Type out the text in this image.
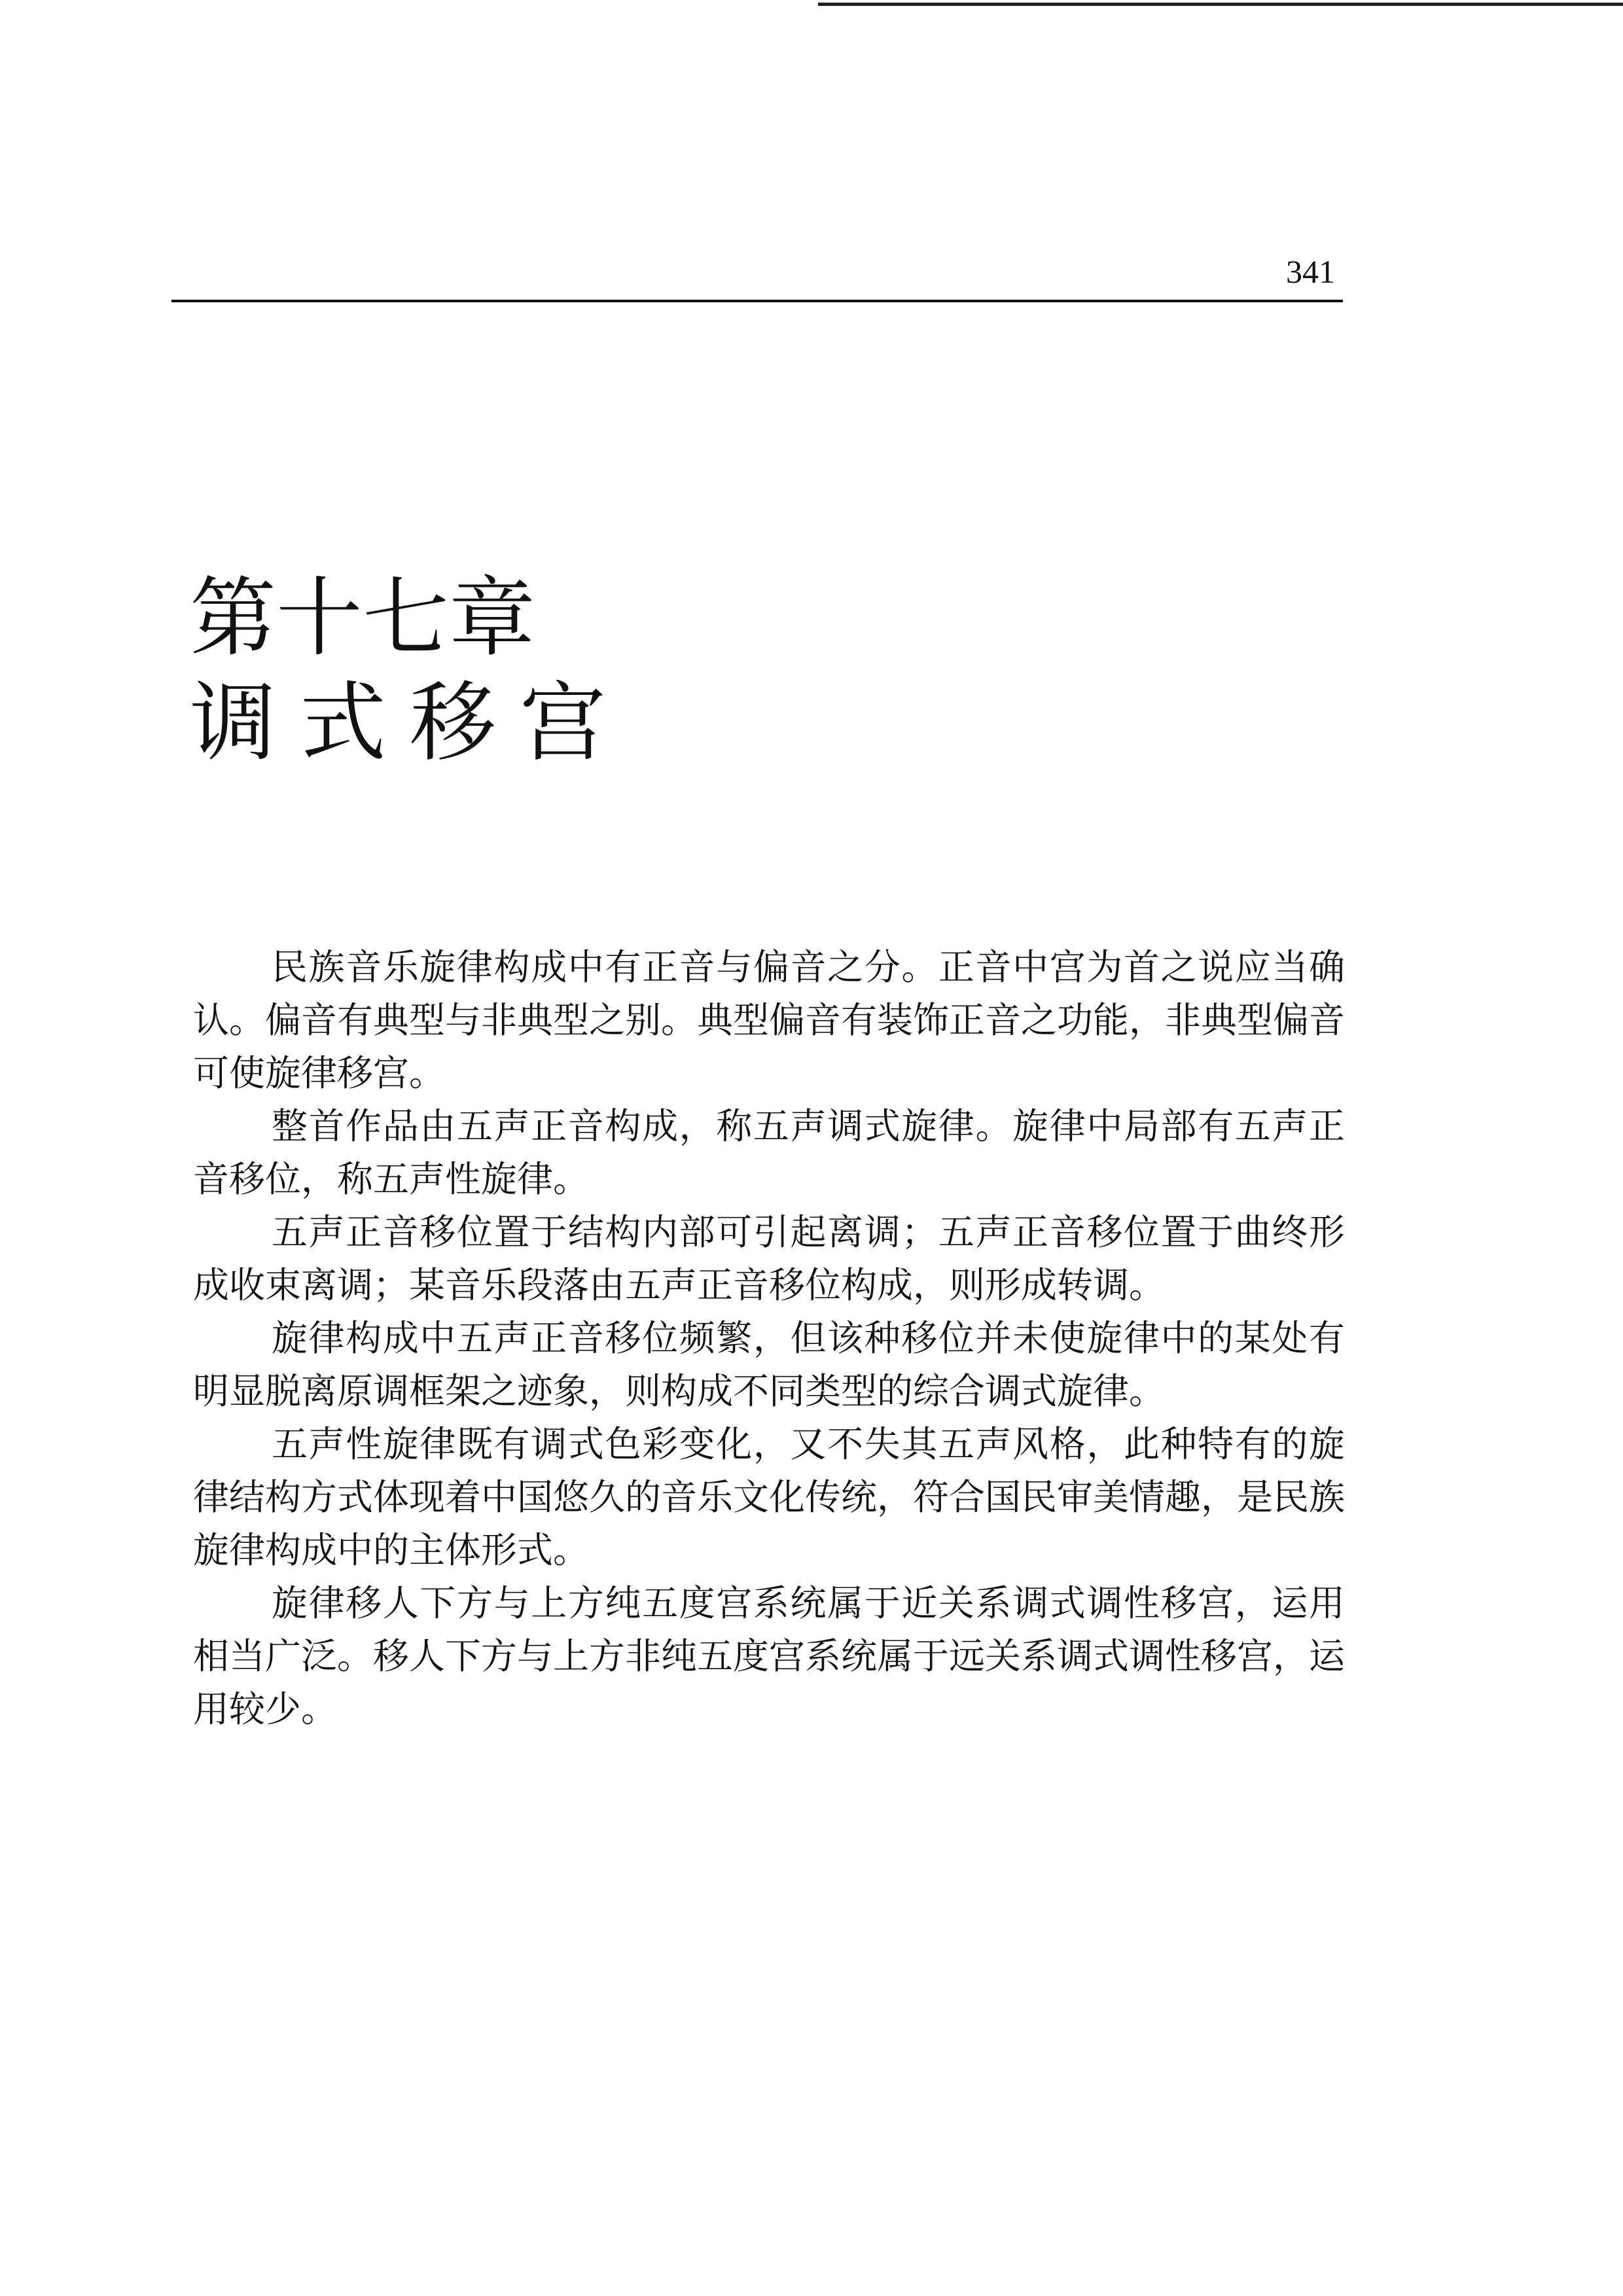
341
第十七章
调式移宫

民族音乐旋律构成中有正音与偏音之分。正音中宫为首之说应当确认。偏音有典型与非典型之别。典型偏音有装饰正音之功能，非典型偏音可使旋律移宫。

整首作品由五声正音构成，称五声调式旋律。旋律中局部有五声正音移位，称五声性旋律。

五声正音移位置于结构内部可引起离调；五声正音移位置于曲终形成收束离调；某音乐段落由五声正音移位构成，则形成转调。

旋律构成中五声正音移位频繁，但该种移位并未使旋律中的某处有明显脱离原调框架之迹象，则构成不同类型的综合调式旋律。

五声性旋律既有调式色彩变化，又不失其五声风格，此种特有的旋律结构方式体现着中国悠久的音乐文化传统，符合国民审美情趣，是民族旋律构成中的主体形式。

旋律移人下方与上方纯五度宫系统属于近关系调式调性移宫，运用相当广泛。移人下方与上方非纯五度宫系统属于远关系调式调性移宫，运用较少。
